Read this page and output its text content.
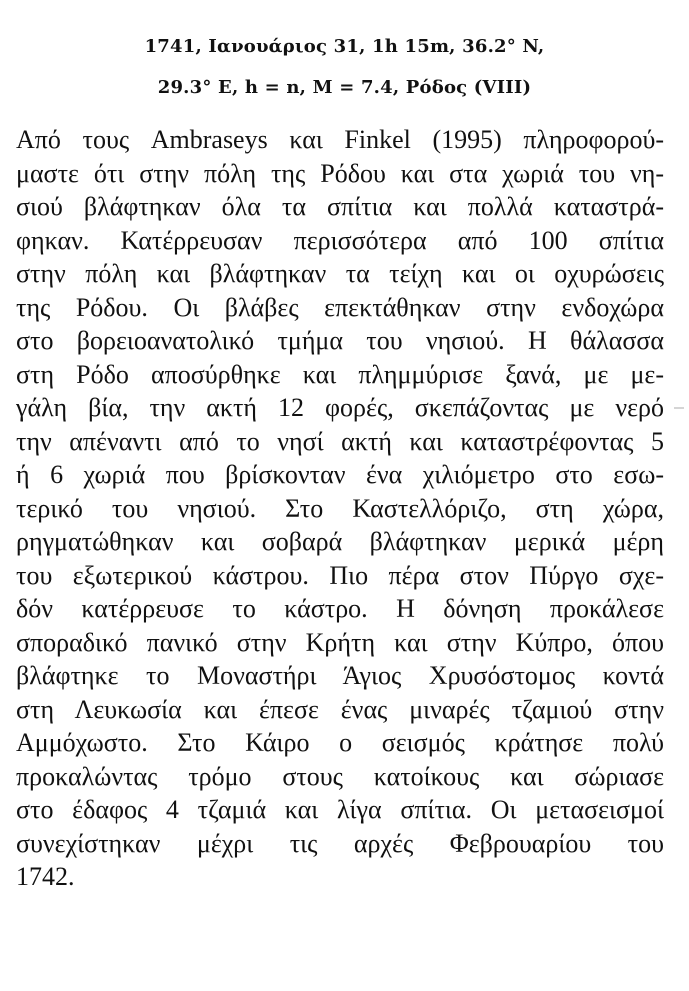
1741, Ιανουάριος 31, 1h 15m, 36.2° N,
29.3° E, h = n, M = 7.4, Ρόδος (VIII)
Από τους Ambraseys και Finkel (1995) πληροφορού-
μαστε ότι στην πόλη της Ρόδου και στα χωριά του νη-
σιού βλάφτηκαν όλα τα σπίτια και πολλά καταστρά-
φηκαν. Κατέρρευσαν περισσότερα από 100 σπίτια
στην πόλη και βλάφτηκαν τα τείχη και οι οχυρώσεις
της Ρόδου. Οι βλάβες επεκτάθηκαν στην ενδοχώρα
στο βορειοανατολικό τμήμα του νησιού. Η θάλασσα
στη Ρόδο αποσύρθηκε και πλημμύρισε ξανά, με με-
γάλη βία, την ακτή 12 φορές, σκεπάζοντας με νερό
την απέναντι από το νησί ακτή και καταστρέφοντας 5
ή 6 χωριά που βρίσκονταν ένα χιλιόμετρο στο εσω-
τερικό του νησιού. Στο Καστελλόριζο, στη χώρα,
ρηγματώθηκαν και σοβαρά βλάφτηκαν μερικά μέρη
του εξωτερικού κάστρου. Πιο πέρα στον Πύργο σχε-
δόν κατέρρευσε το κάστρο. Η δόνηση προκάλεσε
σποραδικό πανικό στην Κρήτη και στην Κύπρο, όπου
βλάφτηκε το Μοναστήρι Άγιος Χρυσόστομος κοντά
στη Λευκωσία και έπεσε ένας μιναρές τζαμιού στην
Αμμόχωστο. Στο Κάιρο ο σεισμός κράτησε πολύ
προκαλώντας τρόμο στους κατοίκους και σώριασε
στο έδαφος 4 τζαμιά και λίγα σπίτια. Οι μετασεισμοί
συνεχίστηκαν μέχρι τις αρχές Φεβρουαρίου του
1742.
